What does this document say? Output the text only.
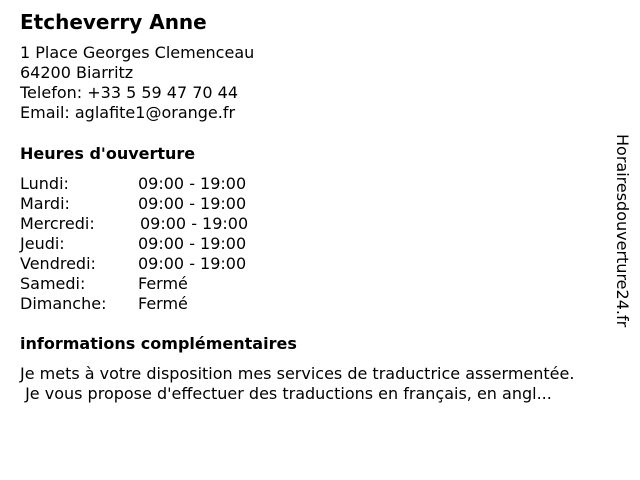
Etcheverry Anne
1 Place Georges Clemenceau
64200 Biarritz
Telefon: +33 5 59 47 70 44
Email: aglafite1@orange.fr
Heures d'ouverture
Lundi:	09:00 - 19:00
Mardi:	09:00 - 19:00
Mercredi:	09:00 - 19:00
Jeudi:	09:00 - 19:00
Vendredi:	09:00 - 19:00
Samedi:	Fermé
Dimanche: Fermé
informations complémentaires
Je mets à votre disposition mes services de traductrice assermentée.
Je vous propose d'effectuer des traductions en français, en angl...
Horairesdouverture24.fr
